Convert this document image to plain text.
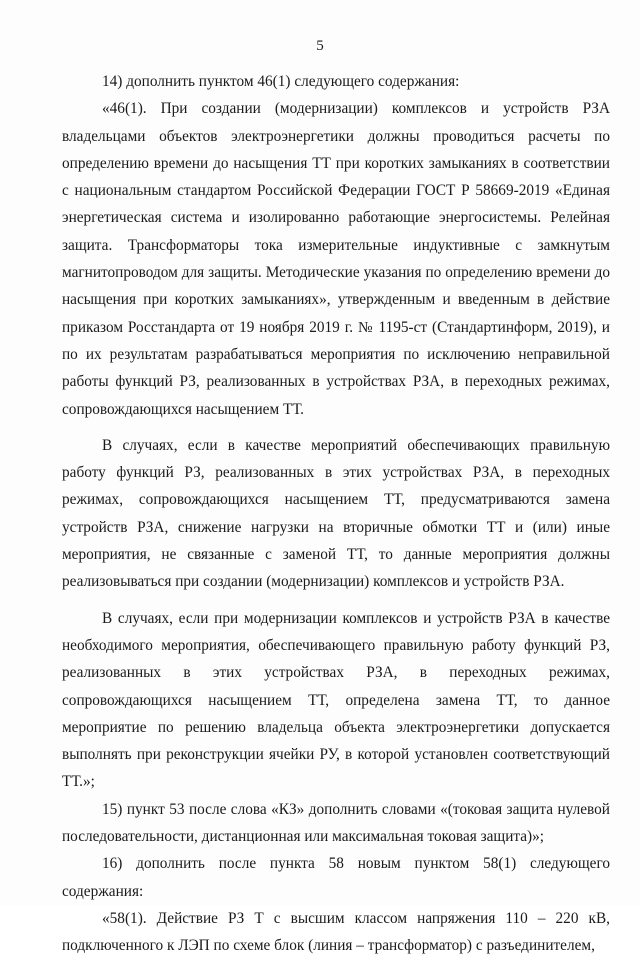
5

14) дополнить пунктом 46(1) следующего содержания:

«46(1). При создании (модернизации) комплексов и устройств РЗА владельцами объектов электроэнергетики должны проводиться расчеты по определению времени до насыщения ТТ при коротких замыканиях в соответствии с национальным стандартом Российской Федерации ГОСТ Р 58669-2019 «Единая энергетическая система и изолированно работающие энергосистемы. Релейная защита. Трансформаторы тока измерительные индуктивные с замкнутым магнитопроводом для защиты. Методические указания по определению времени до насыщения при коротких замыканиях», утвержденным и введенным в действие приказом Росстандарта от 19 ноября 2019 г. № 1195-ст (Стандартинформ, 2019), и по их результатам разрабатываться мероприятия по исключению неправильной работы функций РЗ, реализованных в устройствах РЗА, в переходных режимах, сопровождающихся насыщением ТТ.

В случаях, если в качестве мероприятий обеспечивающих правильную работу функций РЗ, реализованных в этих устройствах РЗА, в переходных режимах, сопровождающихся насыщением ТТ, предусматриваются замена устройств РЗА, снижение нагрузки на вторичные обмотки ТТ и (или) иные мероприятия, не связанные с заменой ТТ, то данные мероприятия должны реализовываться при создании (модернизации) комплексов и устройств РЗА.

В случаях, если при модернизации комплексов и устройств РЗА в качестве необходимого мероприятия, обеспечивающего правильную работу функций РЗ, реализованных в этих устройствах РЗА, в переходных режимах, сопровождающихся насыщением ТТ, определена замена ТТ, то данное мероприятие по решению владельца объекта электроэнергетики допускается выполнять при реконструкции ячейки РУ, в которой установлен соответствующий ТТ.»;

15) пункт 53 после слова «КЗ» дополнить словами «(токовая защита нулевой последовательности, дистанционная или максимальная токовая защита)»;

16) дополнить после пункта 58 новым пунктом 58(1) следующего содержания:

«58(1). Действие РЗ Т с высшим классом напряжения 110 – 220 кВ, подключенного к ЛЭП по схеме блок (линия – трансформатор) с разъединителем,
